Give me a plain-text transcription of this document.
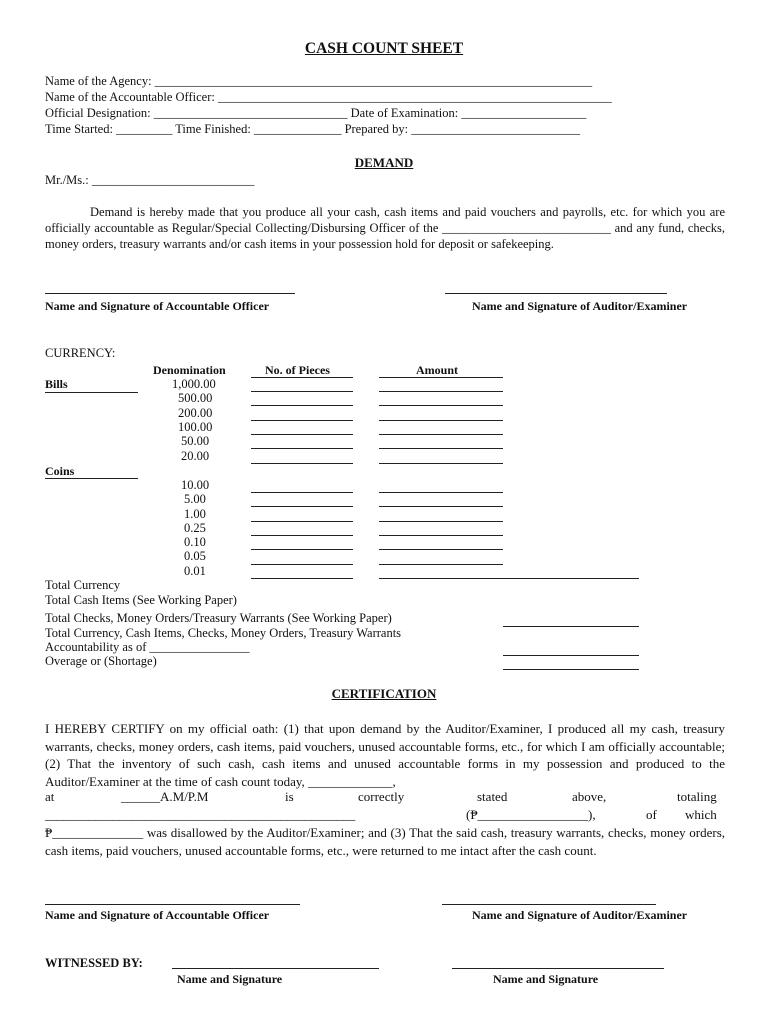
CASH COUNT SHEET
Name of the Agency: ______________________________________________________________________
Name of the Accountable Officer: _______________________________________________________________
Official Designation: _______________________________ Date of Examination: ____________________
Time Started: _________ Time Finished: ______________ Prepared by: ___________________________
DEMAND
Mr./Ms.: __________________________
Demand is hereby made that you produce all your cash, cash items and paid vouchers and payrolls, etc. for which you are officially accountable as Regular/Special Collecting/Disbursing Officer of the ___________________________ and any fund, checks, money orders, treasury warrants and/or cash items in your possession hold for deposit or safekeeping.
Name and Signature of Accountable Officer	Name and Signature of Auditor/Examiner
CURRENCY:
Denomination	No. of Pieces	Amount
Bills	1,000.00
500.00
200.00
100.00
50.00
20.00
Coins
10.00
5.00
1.00
0.25
0.10
0.05
0.01
Total Currency
Total Cash Items (See Working Paper)
Total Checks, Money Orders/Treasury Warrants (See Working Paper)
Total Currency, Cash Items, Checks, Money Orders, Treasury Warrants
Accountability as of ________________
Overage or (Shortage)
CERTIFICATION
I HEREBY CERTIFY on my official oath: (1) that upon demand by the Auditor/Examiner, I produced all my cash, treasury warrants, checks, money orders, cash items, paid vouchers, unused accountable forms, etc., for which I am officially accountable; (2) That the inventory of such cash, cash items and unused accountable forms in my possession and produced to the Auditor/Examiner at the time of cash count today, _____________,
at	______A.M/P.M	is	correctly	stated	above,	totaling
__________________________________________________	(₱_________________),	of which
₱______________ was disallowed by the Auditor/Examiner; and (3) That the said cash, treasury warrants, checks, money orders, cash items, paid vouchers, unused accountable forms, etc., were returned to me intact after the cash count.
Name and Signature of Accountable Officer	Name and Signature of Auditor/Examiner
WITNESSED BY:
Name and Signature	Name and Signature
